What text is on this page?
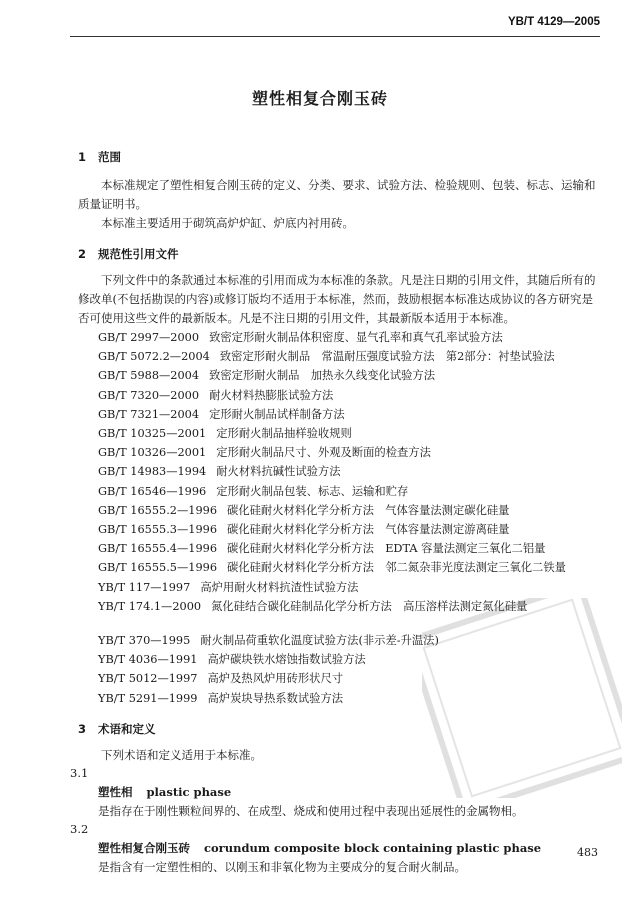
YB/T 4129—2005
塑性相复合刚玉砖
1 范围

本标准规定了塑性相复合刚玉砖的定义、分类、要求、试验方法、检验规则、包装、标志、运输和质量证明书。

本标准主要适用于砌筑高炉炉缸、炉底内衬用砖。

2 规范性引用文件

下列文件中的条款通过本标准的引用而成为本标准的条款。凡是注日期的引用文件，其随后所有的修改单(不包括勘误的内容)或修订版均不适用于本标准，然而，鼓励根据本标准达成协议的各方研究是否可使用这些文件的最新版本。凡是不注日期的引用文件，其最新版本适用于本标准。

GB/T 2997—2000 致密定形耐火制品体积密度、显气孔率和真气孔率试验方法
GB/T 5072.2—2004 致密定形耐火制品　常温耐压强度试验方法　第2部分：衬垫试验法
GB/T 5988—2004 致密定形耐火制品　加热永久线变化试验方法
GB/T 7320—2000 耐火材料热膨胀试验方法
GB/T 7321—2004 定形耐火制品试样制备方法
GB/T 10325—2001 定形耐火制品抽样验收规则
GB/T 10326—2001 定形耐火制品尺寸、外观及断面的检查方法
GB/T 14983—1994 耐火材料抗碱性试验方法
GB/T 16546—1996 定形耐火制品包装、标志、运输和贮存
GB/T 16555.2—1996 碳化硅耐火材料化学分析方法　气体容量法测定碳化硅量
GB/T 16555.3—1996 碳化硅耐火材料化学分析方法　气体容量法测定游离硅量
GB/T 16555.4—1996 碳化硅耐火材料化学分析方法　EDTA 容量法测定三氧化二铝量
GB/T 16555.5—1996 碳化硅耐火材料化学分析方法　邻二氮杂菲光度法测定三氧化二铁量
YB/T 117—1997 高炉用耐火材料抗渣性试验方法
YB/T 174.1—2000 氮化硅结合碳化硅制品化学分析方法　高压溶样法测定氮化硅量
YB/T 370—1995 耐火制品荷重软化温度试验方法(非示差-升温法)
YB/T 4036—1991 高炉碳块铁水熔蚀指数试验方法
YB/T 5012—1997 高炉及热风炉用砖形状尺寸
YB/T 5291—1999 高炉炭块导热系数试验方法
3 术语和定义

下列术语和定义适用于本标准。

3.1
塑性相 plastic phase
是指存在于刚性颗粒间界的、在成型、烧成和使用过程中表现出延展性的金属物相。
3.2
塑性相复合刚玉砖 corundum composite block containing plastic phase
是指含有一定塑性相的、以刚玉和非氧化物为主要成分的复合耐火制品。
483
